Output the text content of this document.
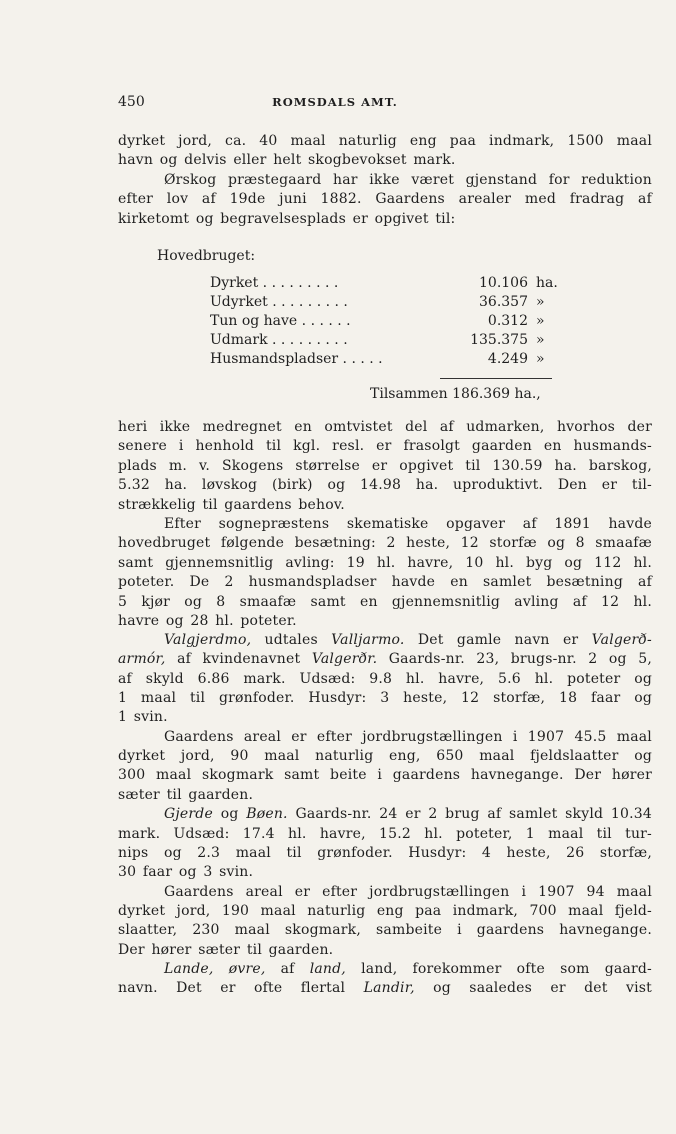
450	ROMSDALS AMT.
dyrket jord, ca. 40 maal naturlig eng paa indmark, 1500 maal
havn og delvis eller helt skogbevokset mark.
Ørskog præstegaard har ikke været gjenstand for reduktion
efter lov af 19de juni 1882. Gaardens arealer med fradrag af
kirketomt og begravelsesplads er opgivet til:
Hovedbruget:
Dyrket . . . . . . . . .	10.106 ha.
Udyrket . . . . . . . . .	36.357 »
Tun og have . . . . . .	0.312 »
Udmark . . . . . . . . .	135.375 »
Husmandspladser . . . . .	4.249 »
Tilsammen 186.369 ha.,
heri ikke medregnet en omtvistet del af udmarken, hvorhos der
senere i henhold til kgl. resl. er frasolgt gaarden en husmands-
plads m. v. Skogens størrelse er opgivet til 130.59 ha. barskog,
5.32 ha. løvskog (birk) og 14.98 ha. uproduktivt. Den er til-
strækkelig til gaardens behov.
Efter sognepræstens skematiske opgaver af 1891 havde
hovedbruget følgende besætning: 2 heste, 12 storfæ og 8 smaafæ
samt gjennemsnitlig avling: 19 hl. havre, 10 hl. byg og 112 hl.
poteter. De 2 husmandspladser havde en samlet besætning af
5 kjør og 8 smaafæ samt en gjennemsnitlig avling af 12 hl.
havre og 28 hl. poteter.
Valgjerdmo, udtales Valljarmo. Det gamle navn er Valgerð-
armór, af kvindenavnet Valgerðr. Gaards-nr. 23, brugs-nr. 2 og 5,
af skyld 6.86 mark. Udsæd: 9.8 hl. havre, 5.6 hl. poteter og
1 maal til grønfoder. Husdyr: 3 heste, 12 storfæ, 18 faar og
1 svin.
Gaardens areal er efter jordbrugstællingen i 1907 45.5 maal
dyrket jord, 90 maal naturlig eng, 650 maal fjeldslaatter og
300 maal skogmark samt beite i gaardens havnegange. Der hører
sæter til gaarden.
Gjerde og Bøen. Gaards-nr. 24 er 2 brug af samlet skyld 10.34
mark. Udsæd: 17.4 hl. havre, 15.2 hl. poteter, 1 maal til tur-
nips og 2.3 maal til grønfoder. Husdyr: 4 heste, 26 storfæ,
30 faar og 3 svin.
Gaardens areal er efter jordbrugstællingen i 1907 94 maal
dyrket jord, 190 maal naturlig eng paa indmark, 700 maal fjeld-
slaatter, 230 maal skogmark, sambeite i gaardens havnegange.
Der hører sæter til gaarden.
Lande, øvre, af land, land, forekommer ofte som gaard-
navn. Det er ofte flertal Landir, og saaledes er det vist
